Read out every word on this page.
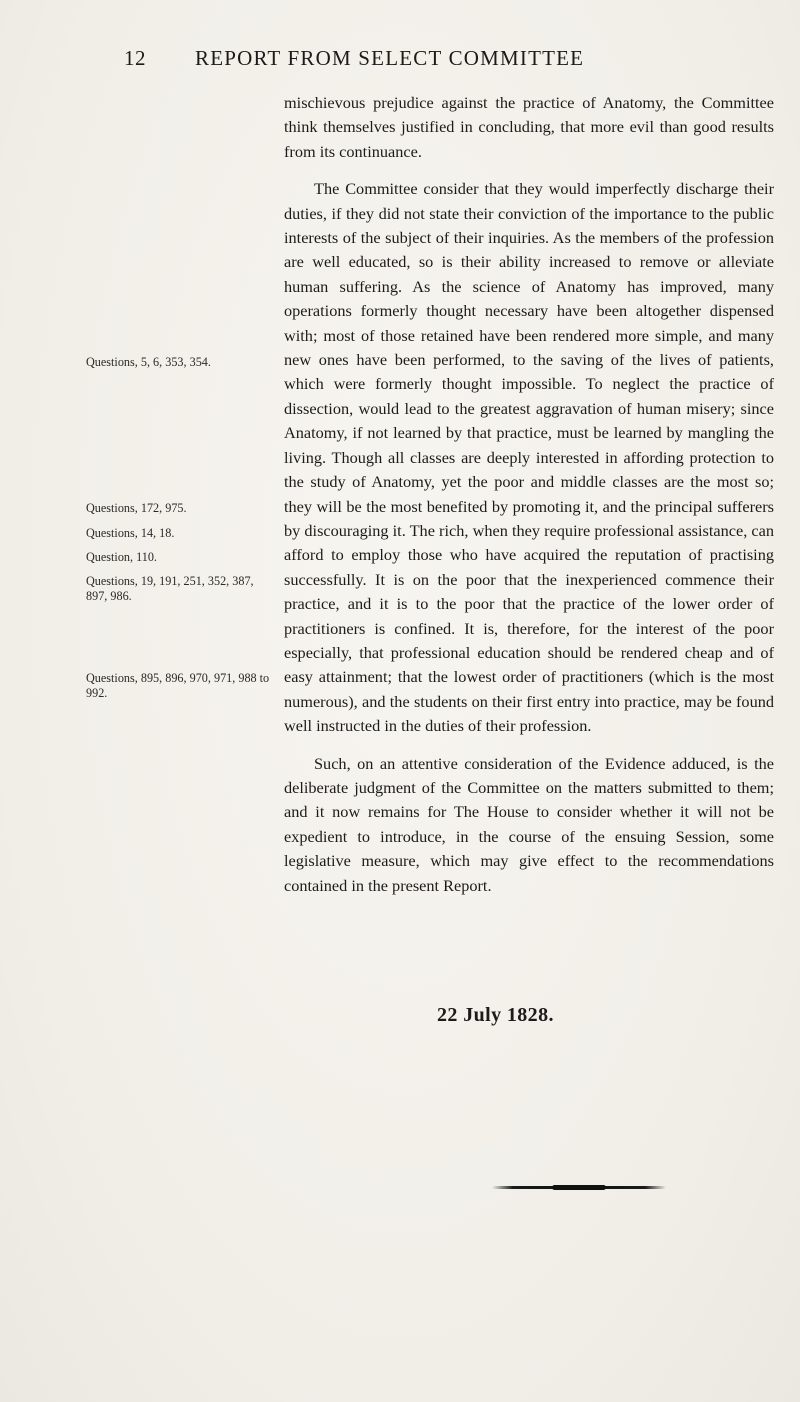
12 REPORT FROM SELECT COMMITTEE
Questions, 5, 6, 353, 354.
Questions, 172, 975.
Questions, 14, 18.
Question, 110.
Questions, 19, 191, 251, 352, 387, 897, 986.
Questions, 895, 896, 970, 971, 988 to 992.

mischievous prejudice against the practice of Anatomy, the Committee think themselves justified in concluding, that more evil than good results from its continuance.

The Committee consider that they would imperfectly discharge their duties, if they did not state their conviction of the importance to the public interests of the subject of their inquiries. As the members of the profession are well educated, so is their ability increased to remove or alleviate human suffering. As the science of Anatomy has improved, many operations formerly thought necessary have been altogether dispensed with; most of those retained have been rendered more simple, and many new ones have been performed, to the saving of the lives of patients, which were formerly thought impossible. To neglect the practice of dissection, would lead to the greatest aggravation of human misery; since Anatomy, if not learned by that practice, must be learned by mangling the living. Though all classes are deeply interested in affording protection to the study of Anatomy, yet the poor and middle classes are the most so; they will be the most benefited by promoting it, and the principal sufferers by discouraging it. The rich, when they require professional assistance, can afford to employ those who have acquired the reputation of practising successfully. It is on the poor that the inexperienced commence their practice, and it is to the poor that the practice of the lower order of practitioners is confined. It is, therefore, for the interest of the poor especially, that professional education should be rendered cheap and of easy attainment; that the lowest order of practitioners (which is the most numerous), and the students on their first entry into practice, may be found well instructed in the duties of their profession.

Such, on an attentive consideration of the Evidence adduced, is the deliberate judgment of the Committee on the matters submitted to them; and it now remains for The House to consider whether it will not be expedient to introduce, in the course of the ensuing Session, some legislative measure, which may give effect to the recommendations contained in the present Report.

22 July 1828.
